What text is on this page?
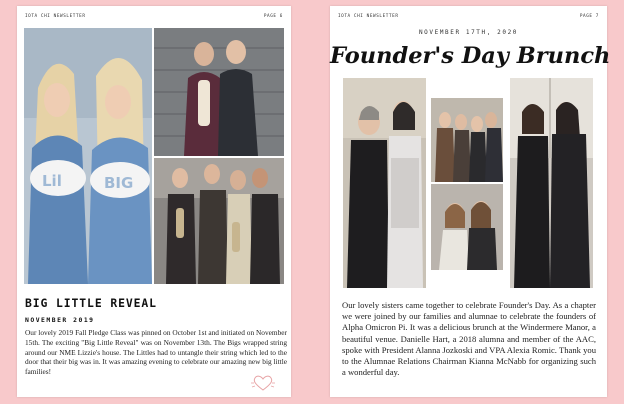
IOTA CHI NEWSLETTER	PAGE 6
Lil	BIG
BIG LITTLE REVEAL
NOVEMBER 2019

Our lovely 2019 Fall Pledge Class was pinned on October 1st and initiated on November 15th. The exciting "Big Little Reveal" was on November 13th. The Bigs wrapped string around our NME Lizzie's house. The Littles had to untangle their string which led to the door that their big was in. It was amazing evening to celebrate our amazing new big little families!

IOTA CHI NEWSLETTER	PAGE 7
NOVEMBER 17TH, 2020
Founder's Day Brunch

Our lovely sisters came together to celebrate Founder's Day. As a chapter we were joined by our families and alumnae to celebrate the founders of Alpha Omicron Pi. It was a delicious brunch at the Windermere Manor, a beautiful venue. Danielle Hart, a 2018 alumna and member of the AAC, spoke with President Alanna Jozkoski and VPA Alexia Romic. Thank you to the Alumnae Relations Chairman Kianna McNabb for organizing such a wonderful day.
